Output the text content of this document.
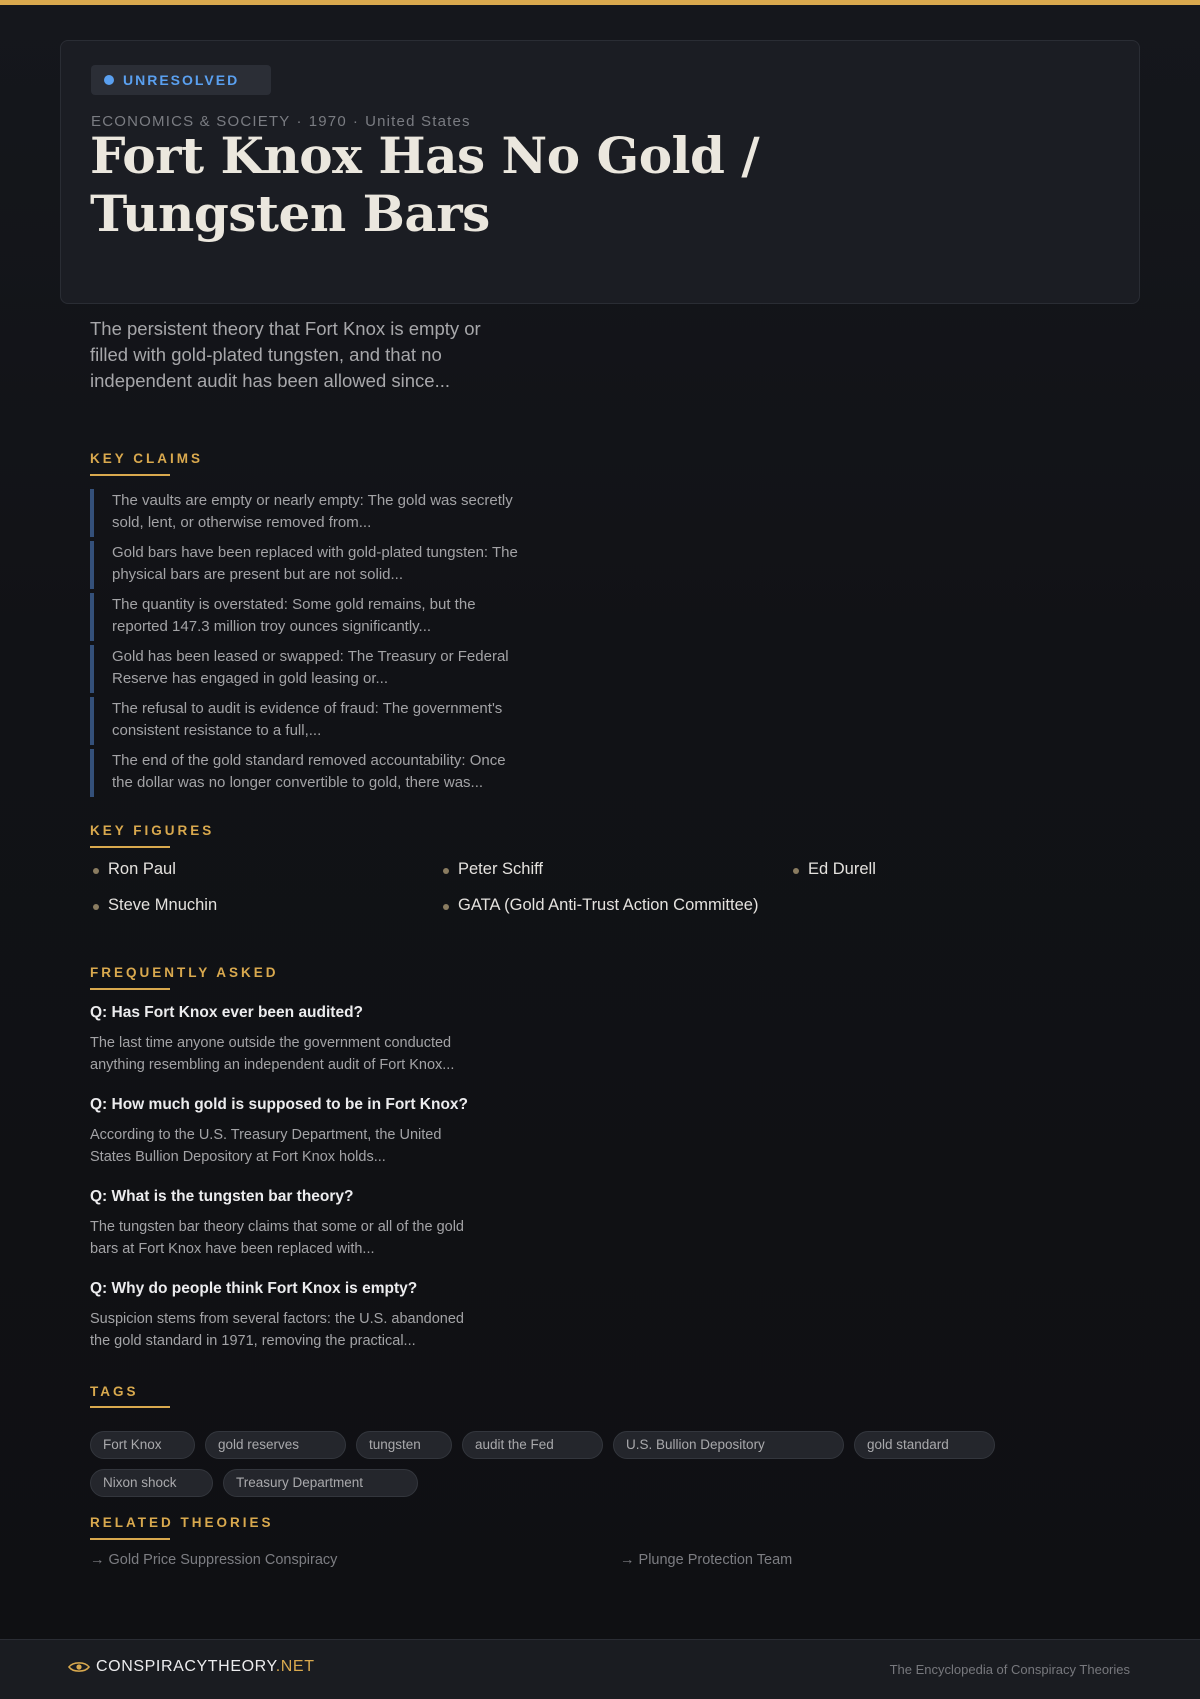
UNRESOLVED
ECONOMICS & SOCIETY · 1970 · United States
Fort Knox Has No Gold / Tungsten Bars

The persistent theory that Fort Knox is empty or filled with gold-plated tungsten, and that no independent audit has been allowed since...

KEY CLAIMS
The vaults are empty or nearly empty: The gold was secretly sold, lent, or otherwise removed from...
Gold bars have been replaced with gold-plated tungsten: The physical bars are present but are not solid...
The quantity is overstated: Some gold remains, but the reported 147.3 million troy ounces significantly...
Gold has been leased or swapped: The Treasury or Federal Reserve has engaged in gold leasing or...
The refusal to audit is evidence of fraud: The government's consistent resistance to a full,...
The end of the gold standard removed accountability: Once the dollar was no longer convertible to gold, there was...
KEY FIGURES
Ron Paul	Peter Schiff	Ed Durell
Steve Mnuchin	GATA (Gold Anti-Trust Action Committee)
FREQUENTLY ASKED
Q: Has Fort Knox ever been audited?

The last time anyone outside the government conducted anything resembling an independent audit of Fort Knox...

Q: How much gold is supposed to be in Fort Knox?

According to the U.S. Treasury Department, the United States Bullion Depository at Fort Knox holds...

Q: What is the tungsten bar theory?

The tungsten bar theory claims that some or all of the gold bars at Fort Knox have been replaced with...

Q: Why do people think Fort Knox is empty?

Suspicion stems from several factors: the U.S. abandoned the gold standard in 1971, removing the practical...

TAGS
Fort Knox	gold reserves	tungsten	audit the Fed	U.S. Bullion Depository	gold standard
Nixon shock	Treasury Department
RELATED THEORIES
→ Gold Price Suppression Conspiracy	→ Plunge Protection Team
CONSPIRACYTHEORY.NET	The Encyclopedia of Conspiracy Theories
